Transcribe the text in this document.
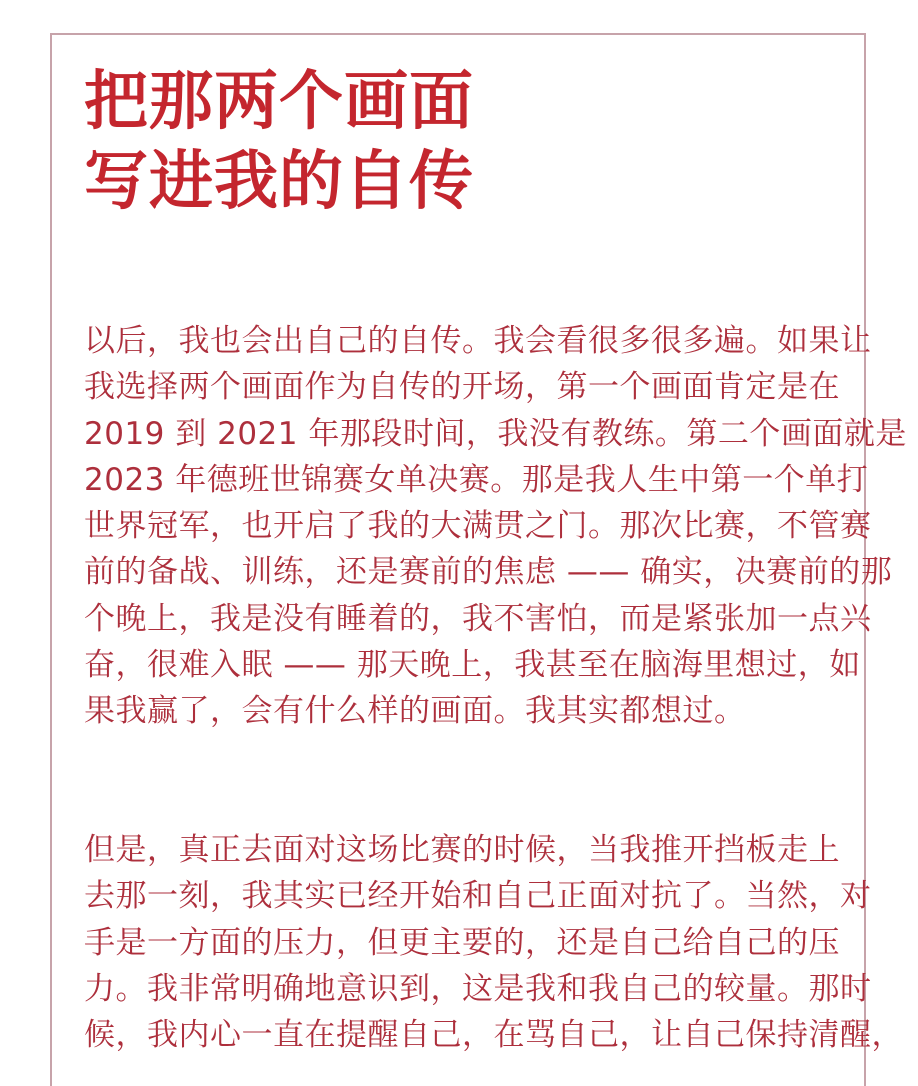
把那两个画面
写进我的自传

以后，我也会出自己的自传。我会看很多很多遍。如果让
我选择两个画面作为自传的开场，第一个画面肯定是在
2019 到 2021 年那段时间，我没有教练。第二个画面就是
2023 年德班世锦赛女单决赛。那是我人生中第一个单打
世界冠军，也开启了我的大满贯之门。那次比赛，不管赛
前的备战、训练，还是赛前的焦虑 —— 确实，决赛前的那
个晚上，我是没有睡着的，我不害怕，而是紧张加一点兴
奋，很难入眠 —— 那天晚上，我甚至在脑海里想过，如
果我赢了，会有什么样的画面。我其实都想过。

但是，真正去面对这场比赛的时候，当我推开挡板走上
去那一刻，我其实已经开始和自己正面对抗了。当然，对
手是一方面的压力，但更主要的，还是自己给自己的压
力。我非常明确地意识到，这是我和我自己的较量。那时
候，我内心一直在提醒自己，在骂自己，让自己保持清醒，
